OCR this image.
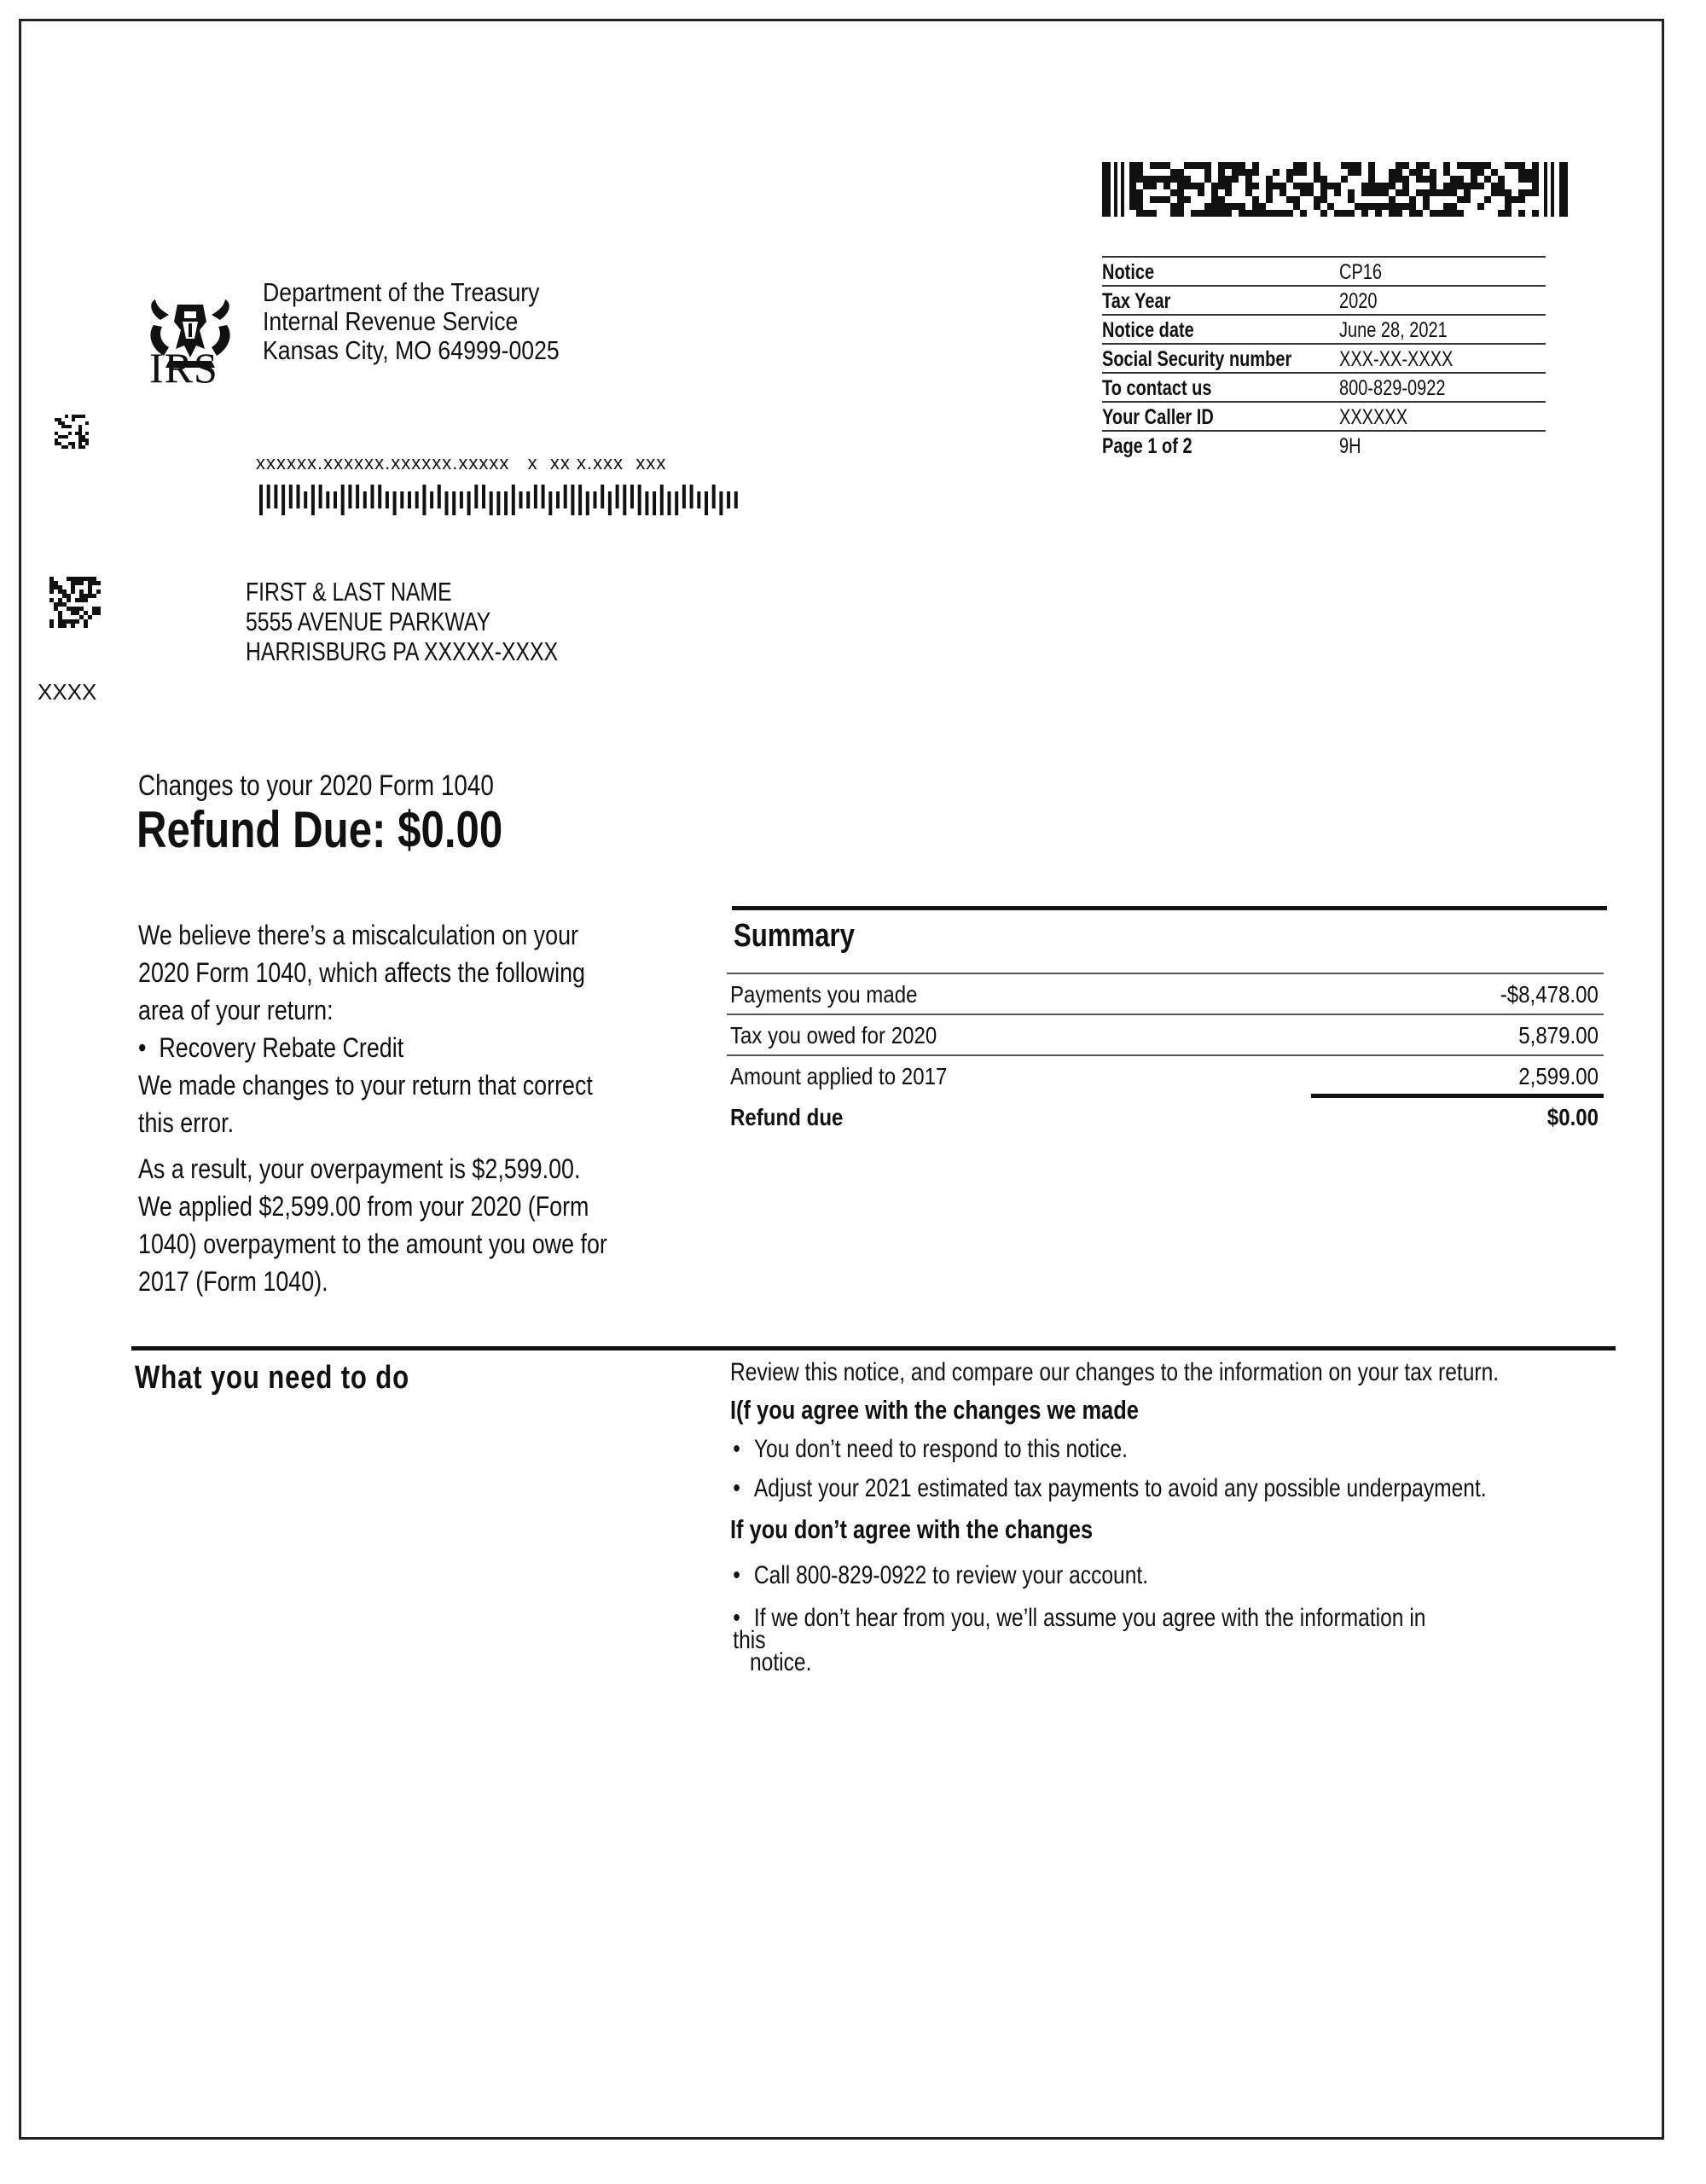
Notice	CP16
Tax Year	2020
Notice date	June 28, 2021
Social Security number	XXX-XX-XXXX
To contact us	800-829-0922
Your Caller ID	XXXXXX
Page 1 of 2	9H
IRS
Department of the Treasury
Internal Revenue Service
Kansas City, MO 64999-0025
xxxxxx.xxxxxx.xxxxxx.xxxxx   x  xx x.xxx  xxx
FIRST & LAST NAME
5555 AVENUE PARKWAY
HARRISBURG PA XXXXX-XXXX
XXXX
Changes to your 2020 Form 1040
Refund Due: $0.00
We believe there’s a miscalculation on your
2020 Form 1040, which affects the following
area of your return:
•  Recovery Rebate Credit
We made changes to your return that correct
this error.
As a result, your overpayment is $2,599.00.
We applied $2,599.00 from your 2020 (Form
1040) overpayment to the amount you owe for
2017 (Form 1040).
Summary
Payments you made	-$8,478.00
Tax you owed for 2020	5,879.00
Amount applied to 2017	2,599.00
Refund due	$0.00
What you need to do	Review this notice, and compare our changes to the information on your tax return.
I(f you agree with the changes we made
• You don’t need to respond to this notice.
• Adjust your 2021 estimated tax payments to avoid any possible underpayment.
If you don’t agree with the changes
• Call 800-829-0922 to review your account.
• If we don’t hear from you, we’ll assume you agree with the information in this
notice.
